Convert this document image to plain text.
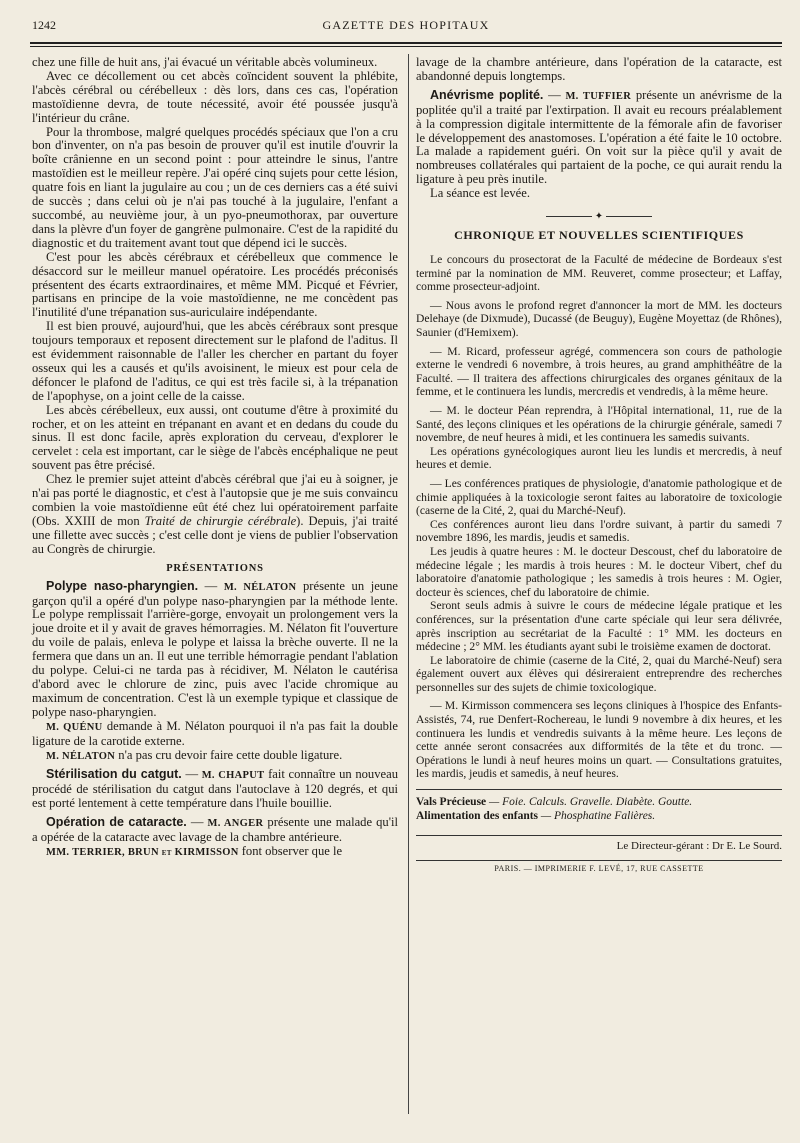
1242	GAZETTE DES HOPITAUX

chez une fille de huit ans, j'ai évacué un véritable abcès volumineux.

Avec ce décollement ou cet abcès coïncident souvent la phlébite, l'abcès cérébral ou cérébelleux : dès lors, dans ces cas, l'opération mastoïdienne devra, de toute nécessité, avoir été poussée jusqu'à l'intérieur du crâne.

Pour la thrombose, malgré quelques procédés spéciaux que l'on a cru bon d'inventer, on n'a pas besoin de prouver qu'il est inutile d'ouvrir la boîte crânienne en un second point : pour atteindre le sinus, l'antre mastoïdien est le meilleur repère. J'ai opéré cinq sujets pour cette lésion, quatre fois en liant la jugulaire au cou ; un de ces derniers cas a été suivi de succès ; dans celui où je n'ai pas touché à la jugulaire, l'enfant a succombé, au neuvième jour, à un pyo-pneumothorax, par ouverture dans la plèvre d'un foyer de gangrène pulmonaire. C'est de la rapidité du diagnostic et du traitement avant tout que dépend ici le succès.

C'est pour les abcès cérébraux et cérébelleux que commence le désaccord sur le meilleur manuel opératoire. Les procédés préconisés présentent des écarts extraordinaires, et même MM. Picqué et Février, partisans en principe de la voie mastoïdienne, ne me concèdent pas l'inutilité d'une trépanation sus-auriculaire indépendante.

Il est bien prouvé, aujourd'hui, que les abcès cérébraux sont presque toujours temporaux et reposent directement sur le plafond de l'aditus. Il est évidemment raisonnable de l'aller les chercher en partant du foyer osseux qui les a causés et qu'ils avoisinent, le mieux est pour cela de défoncer le plafond de l'aditus, ce qui est très facile si, à la trépanation de l'apophyse, on a joint celle de la caisse.

Les abcès cérébelleux, eux aussi, ont coutume d'être à proximité du rocher, et on les atteint en trépanant en avant et en dedans du coude du sinus. Il est donc facile, après exploration du cerveau, d'explorer le cervelet : cela est important, car le siège de l'abcès encéphalique ne peut souvent pas être précisé.

Chez le premier sujet atteint d'abcès cérébral que j'ai eu à soigner, je n'ai pas porté le diagnostic, et c'est à l'autopsie que je me suis convaincu combien la voie mastoïdienne eût été chez lui opératoirement parfaite (Obs. XXIII de mon Traité de chirurgie cérébrale). Depuis, j'ai traité une fillette avec succès ; c'est celle dont je viens de publier l'observation au Congrès de chirurgie.

PRÉSENTATIONS

Polype naso-pharyngien. — M. NÉLATON présente un jeune garçon qu'il a opéré d'un polype naso-pharyngien par la méthode lente. Le polype remplissait l'arrière-gorge, envoyait un prolongement vers la joue droite et il y avait de graves hémorragies. M. Nélaton fit l'ouverture du voile de palais, enleva le polype et laissa la brèche ouverte. Il ne la fermera que dans un an. Il eut une terrible hémorragie pendant l'ablation du polype. Celui-ci ne tarda pas à récidiver, M. Nélaton le cautérisa d'abord avec le chlorure de zinc, puis avec l'acide chromique au maximum de concentration. C'est là un exemple typique et classique de polype naso-pharyngien.

M. QUÉNU demande à M. Nélaton pourquoi il n'a pas fait la double ligature de la carotide externe.

M. NÉLATON n'a pas cru devoir faire cette double ligature.

Stérilisation du catgut. — M. CHAPUT fait connaître un nouveau procédé de stérilisation du catgut dans l'autoclave à 120 degrés, et qui est porté lentement à cette température dans l'huile bouillie.

Opération de cataracte. — M. ANGER présente une malade qu'il a opérée de la cataracte avec lavage de la chambre antérieure.

MM. TERRIER, BRUN et KIRMISSON font observer que le

lavage de la chambre antérieure, dans l'opération de la cataracte, est abandonné depuis longtemps.

Anévrisme poplité. — M. TUFFIER présente un anévrisme de la poplitée qu'il a traité par l'extirpation. Il avait eu recours préalablement à la compression digitale intermittente de la fémorale afin de favoriser le développement des anastomoses. L'opération a été faite le 10 octobre. La malade a rapidement guéri. On voit sur la pièce qu'il y avait de nombreuses collatérales qui partaient de la poche, ce qui aurait rendu la ligature à peu près inutile.

La séance est levée.

✦
CHRONIQUE ET NOUVELLES SCIENTIFIQUES

Le concours du prosectorat de la Faculté de médecine de Bordeaux s'est terminé par la nomination de MM. Reuveret, comme prosecteur; et Laffay, comme prosecteur-adjoint.

— Nous avons le profond regret d'annoncer la mort de MM. les docteurs Delehaye (de Dixmude), Ducassé (de Beuguy), Eugène Moyettaz (de Rhônes), Saunier (d'Hemixem).

— M. Ricard, professeur agrégé, commencera son cours de pathologie externe le vendredi 6 novembre, à trois heures, au grand amphithéâtre de la Faculté. — Il traitera des affections chirurgicales des organes génitaux de la femme, et le continuera les lundis, mercredis et vendredis, à la même heure.

— M. le docteur Péan reprendra, à l'Hôpital international, 11, rue de la Santé, des leçons cliniques et les opérations de la chirurgie générale, samedi 7 novembre, de neuf heures à midi, et les continuera les samedis suivants.

Les opérations gynécologiques auront lieu les lundis et mercredis, à neuf heures et demie.

— Les conférences pratiques de physiologie, d'anatomie pathologique et de chimie appliquées à la toxicologie seront faites au laboratoire de toxicologie (caserne de la Cité, 2, quai du Marché-Neuf).

Ces conférences auront lieu dans l'ordre suivant, à partir du samedi 7 novembre 1896, les mardis, jeudis et samedis.

Les jeudis à quatre heures : M. le docteur Descoust, chef du laboratoire de médecine légale ; les mardis à trois heures : M. le docteur Vibert, chef du laboratoire d'anatomie pathologique ; les samedis à trois heures : M. Ogier, docteur ès sciences, chef du laboratoire de chimie.

Seront seuls admis à suivre le cours de médecine légale pratique et les conférences, sur la présentation d'une carte spéciale qui leur sera délivrée, après inscription au secrétariat de la Faculté : 1° MM. les docteurs en médecine ; 2° MM. les étudiants ayant subi le troisième examen de doctorat.

Le laboratoire de chimie (caserne de la Cité, 2, quai du Marché-Neuf) sera également ouvert aux élèves qui désireraient entreprendre des recherches personnelles sur des sujets de chimie toxicologique.

— M. Kirmisson commencera ses leçons cliniques à l'hospice des Enfants-Assistés, 74, rue Denfert-Rochereau, le lundi 9 novembre à dix heures, et les continuera les lundis et vendredis suivants à la même heure. Les leçons de cette année seront consacrées aux difformités de la tête et du tronc. — Opérations le lundi à neuf heures moins un quart. — Consultations gratuites, les mardis, jeudis et samedis, à neuf heures.

Vals Précieuse — Foie. Calculs. Gravelle. Diabète. Goutte.
Alimentation des enfants — Phosphatine Falières.
Le Directeur-gérant : Dr E. Le Sourd.
PARIS. — IMPRIMERIE F. LEVÉ, 17, RUE CASSETTE
